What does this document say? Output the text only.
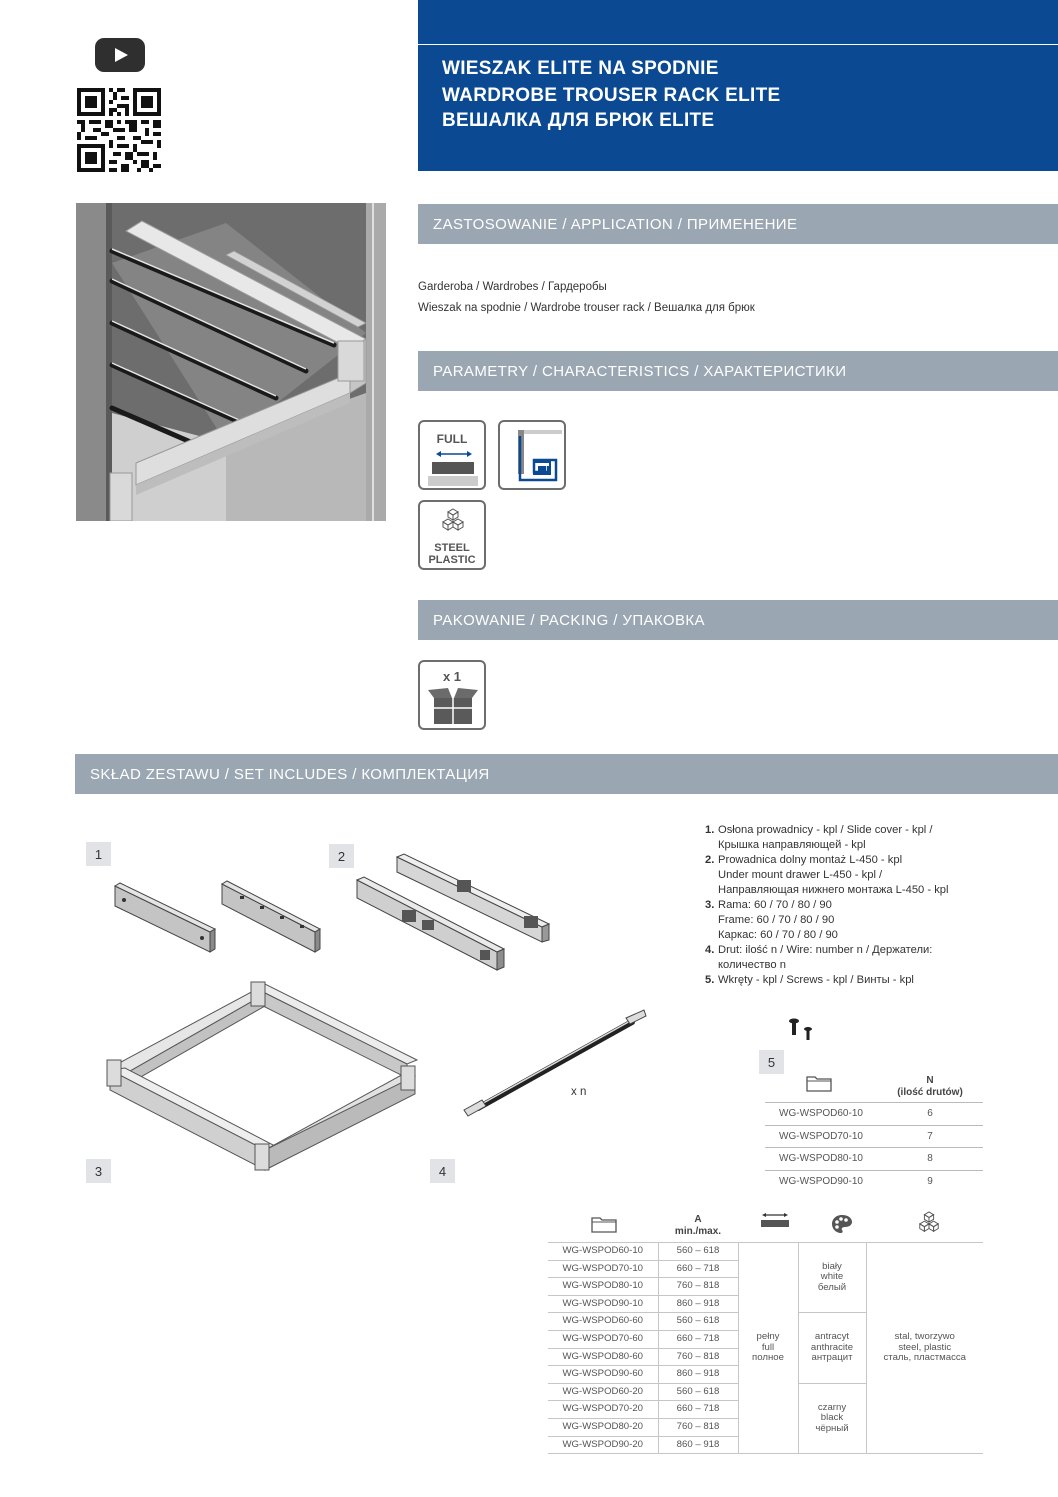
WIESZAK ELITE NA SPODNIE
WARDROBE TROUSER RACK ELITE
ВЕШАЛКА ДЛЯ БРЮК ELITE
ZASTOSOWANIE / APPLICATION / ПРИМЕНЕНИЕ
Garderoba / Wardrobes / Гардеробы
Wieszak na spodnie / Wardrobe trouser rack / Вешалка для брюк
PARAMETRY / CHARACTERISTICS / ХАРАКТЕРИСТИКИ
FULL
STEEL
PLASTIC
PAKOWANIE / PACKING / УПАКОВКА
x 1
SKŁAD ZESTAWU / SET INCLUDES / КОМПЛЕКТАЦИЯ
1	2
3	4
5
x n
1. Osłona prowadnicy - kpl / Slide cover - kpl /
Крышка направляющей - kpl
2. Prowadnica dolny montaż L-450 - kpl
Under mount drawer L-450 - kpl /
Направляющая нижнего монтажа L-450 - kpl
3. Rama: 60 / 70 / 80 / 90
Frame: 60 / 70 / 80 / 90
Каркас: 60 / 70 / 80 / 90
4. Drut: ilość n / Wire: number n / Держатели:
количество n
5. Wkręty - kpl / Screws - kpl / Винты - kpl
N
(ilość drutów)
WG-WSPOD60-10	6
WG-WSPOD70-10	7
WG-WSPOD80-10	8
WG-WSPOD90-10	9
A
min./max.
WG-WSPOD60-10	560 – 618	pełny
full
полное	biały
white
белый	stal, tworzywo
steel, plastic
сталь, пластмасса
WG-WSPOD70-10	660 – 718			
WG-WSPOD80-10	760 – 818			
WG-WSPOD90-10	860 – 918			
WG-WSPOD60-60	560 – 618		antracyt
anthracite
антрацит	
WG-WSPOD70-60	660 – 718			
WG-WSPOD80-60	760 – 818			
WG-WSPOD90-60	860 – 918			
WG-WSPOD60-20	560 – 618		czarny
black
чёрный	
WG-WSPOD70-20	660 – 718			
WG-WSPOD80-20	760 – 818			
WG-WSPOD90-20	860 – 918			
